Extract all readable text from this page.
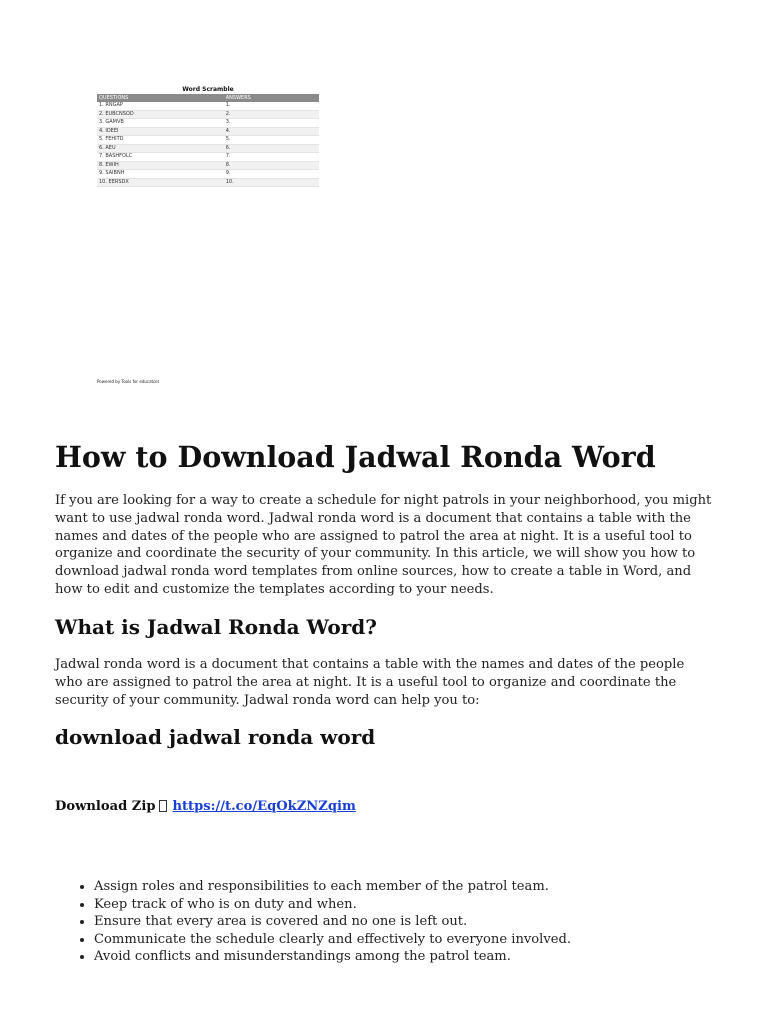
Word Scramble
QUESTIONS	ANSWERS
1. RNGAP	1.
2. EUBCNSOD	2.
3. GAMVB	3.
4. IDEEI	4.
5. FEHITD	5.
6. AEU	6.
7. BASHFOLC	7.
8. EWIH	8.
9. SAIBNH	9.
10. EERSDX	10.
Powered by Tools for educators
How to Download Jadwal Ronda Word

If you are looking for a way to create a schedule for night patrols in your neighborhood, you might want to use jadwal ronda word. Jadwal ronda word is a document that contains a table with the names and dates of the people who are assigned to patrol the area at night. It is a useful tool to organize and coordinate the security of your community. In this article, we will show you how to download jadwal ronda word templates from online sources, how to create a table in Word, and how to edit and customize the templates according to your needs.

What is Jadwal Ronda Word?

Jadwal ronda word is a document that contains a table with the names and dates of the people who are assigned to patrol the area at night. It is a useful tool to organize and coordinate the security of your community. Jadwal ronda word can help you to:

download jadwal ronda word
Download Zip https://t.co/EqOkZNZqim
• Assign roles and responsibilities to each member of the patrol team.
• Keep track of who is on duty and when.
• Ensure that every area is covered and no one is left out.
• Communicate the schedule clearly and effectively to everyone involved.
• Avoid conflicts and misunderstandings among the patrol team.
